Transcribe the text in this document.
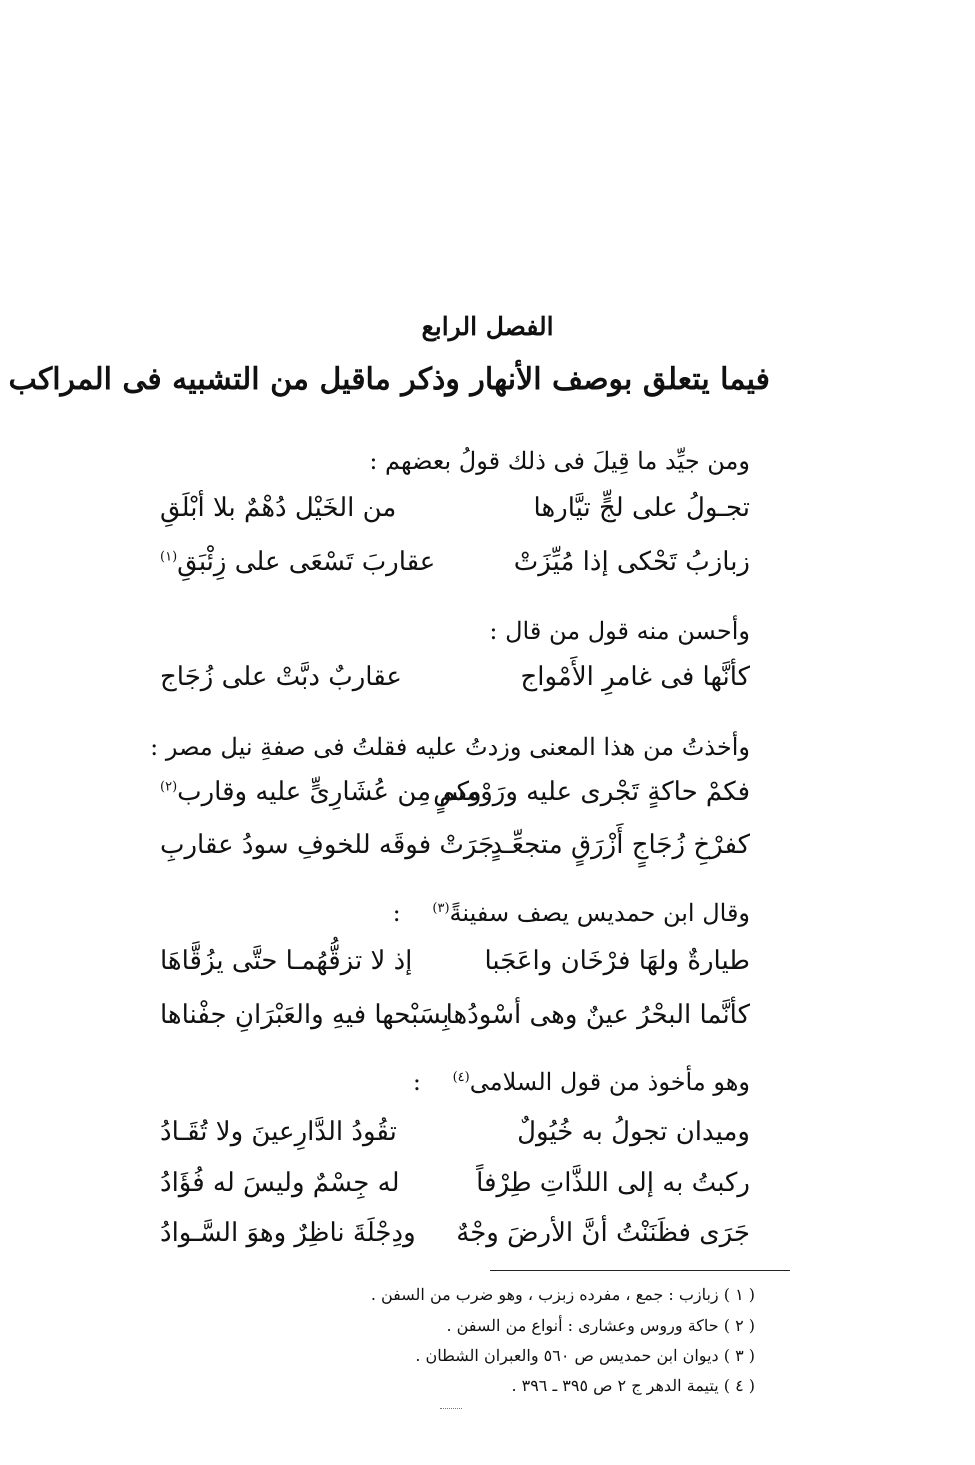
الفصل الرابع
فيما يتعلق بوصف الأنهار وذكر ماقيل من التشبيه فى المراكب
ومن جيِّد ما قِيلَ فى ذلك قولُ بعضهم :
تجـولُ على لجٍّ تيَّارها
من الخَيْل دُهْمٌ بلا أبْلَقِ
زبازبُ تَحْكى إذا مُيِّزَتْ
عقاربَ تَسْعَى على زِئْبَقِ$^{(١)}$
وأحسن منه قول من قال :
كأنَّها فى غامرِ الأَمْواج
عقاربٌ دبَّتْ على زُجَاج
وأخذتُ من هذا المعنى وزدتُ عليه فقلتُ فى صفةِ نيل مصر :
فكمْ حاكةٍ تَجْرى عليه ورَوْمِسٍ
وكم مِن عُشَارِىٍّ عليه وقارب$^{(٢)}$
كفرْخِ زُجَاجٍ أَزْرَقٍ متجعِّـدٍ
جَرَتْ فوقَه للخوفِ سودُ عقاربِ
وقال ابن حمديس يصف سفينةً$^{(٣)}$ :
طيارةٌ ولهَا فرْخَان واعَجَبا
إذ لا تزقُّهُمـا حتَّى يزُقَّاهَا
كأنَّما البحْرُ عينٌ وهى أسْودُها
بِسَبْحها فيهِ والعَبْرَانِ جفْناها
وهو مأخوذ من قول السلامى$^{(٤)}$ :
وميدان تجولُ به خُيُولٌ
تقُودُ الدَّارِعينَ ولا تُقَـادُ
ركبتُ به إلى اللذَّاتِ طِرْفاً
له جِسْمٌ وليسَ له فُؤَادُ
جَرَى فظَنَنْتُ أنَّ الأرضَ وجْهٌ
ودِجْلَةَ ناظِرٌ وهوَ السَّـوادُ
( ١ ) زبازب : جمع ، مفرده زبزب ، وهو ضرب من السفن .
( ٢ ) حاكة وروس وعشارى : أنواع من السفن .
( ٣ ) ديوان ابن حمديس ص ٥٦٠ والعبران الشطان .
( ٤ ) يتيمة الدهر ج ٢ ص ٣٩٥ ـ ٣٩٦ .
